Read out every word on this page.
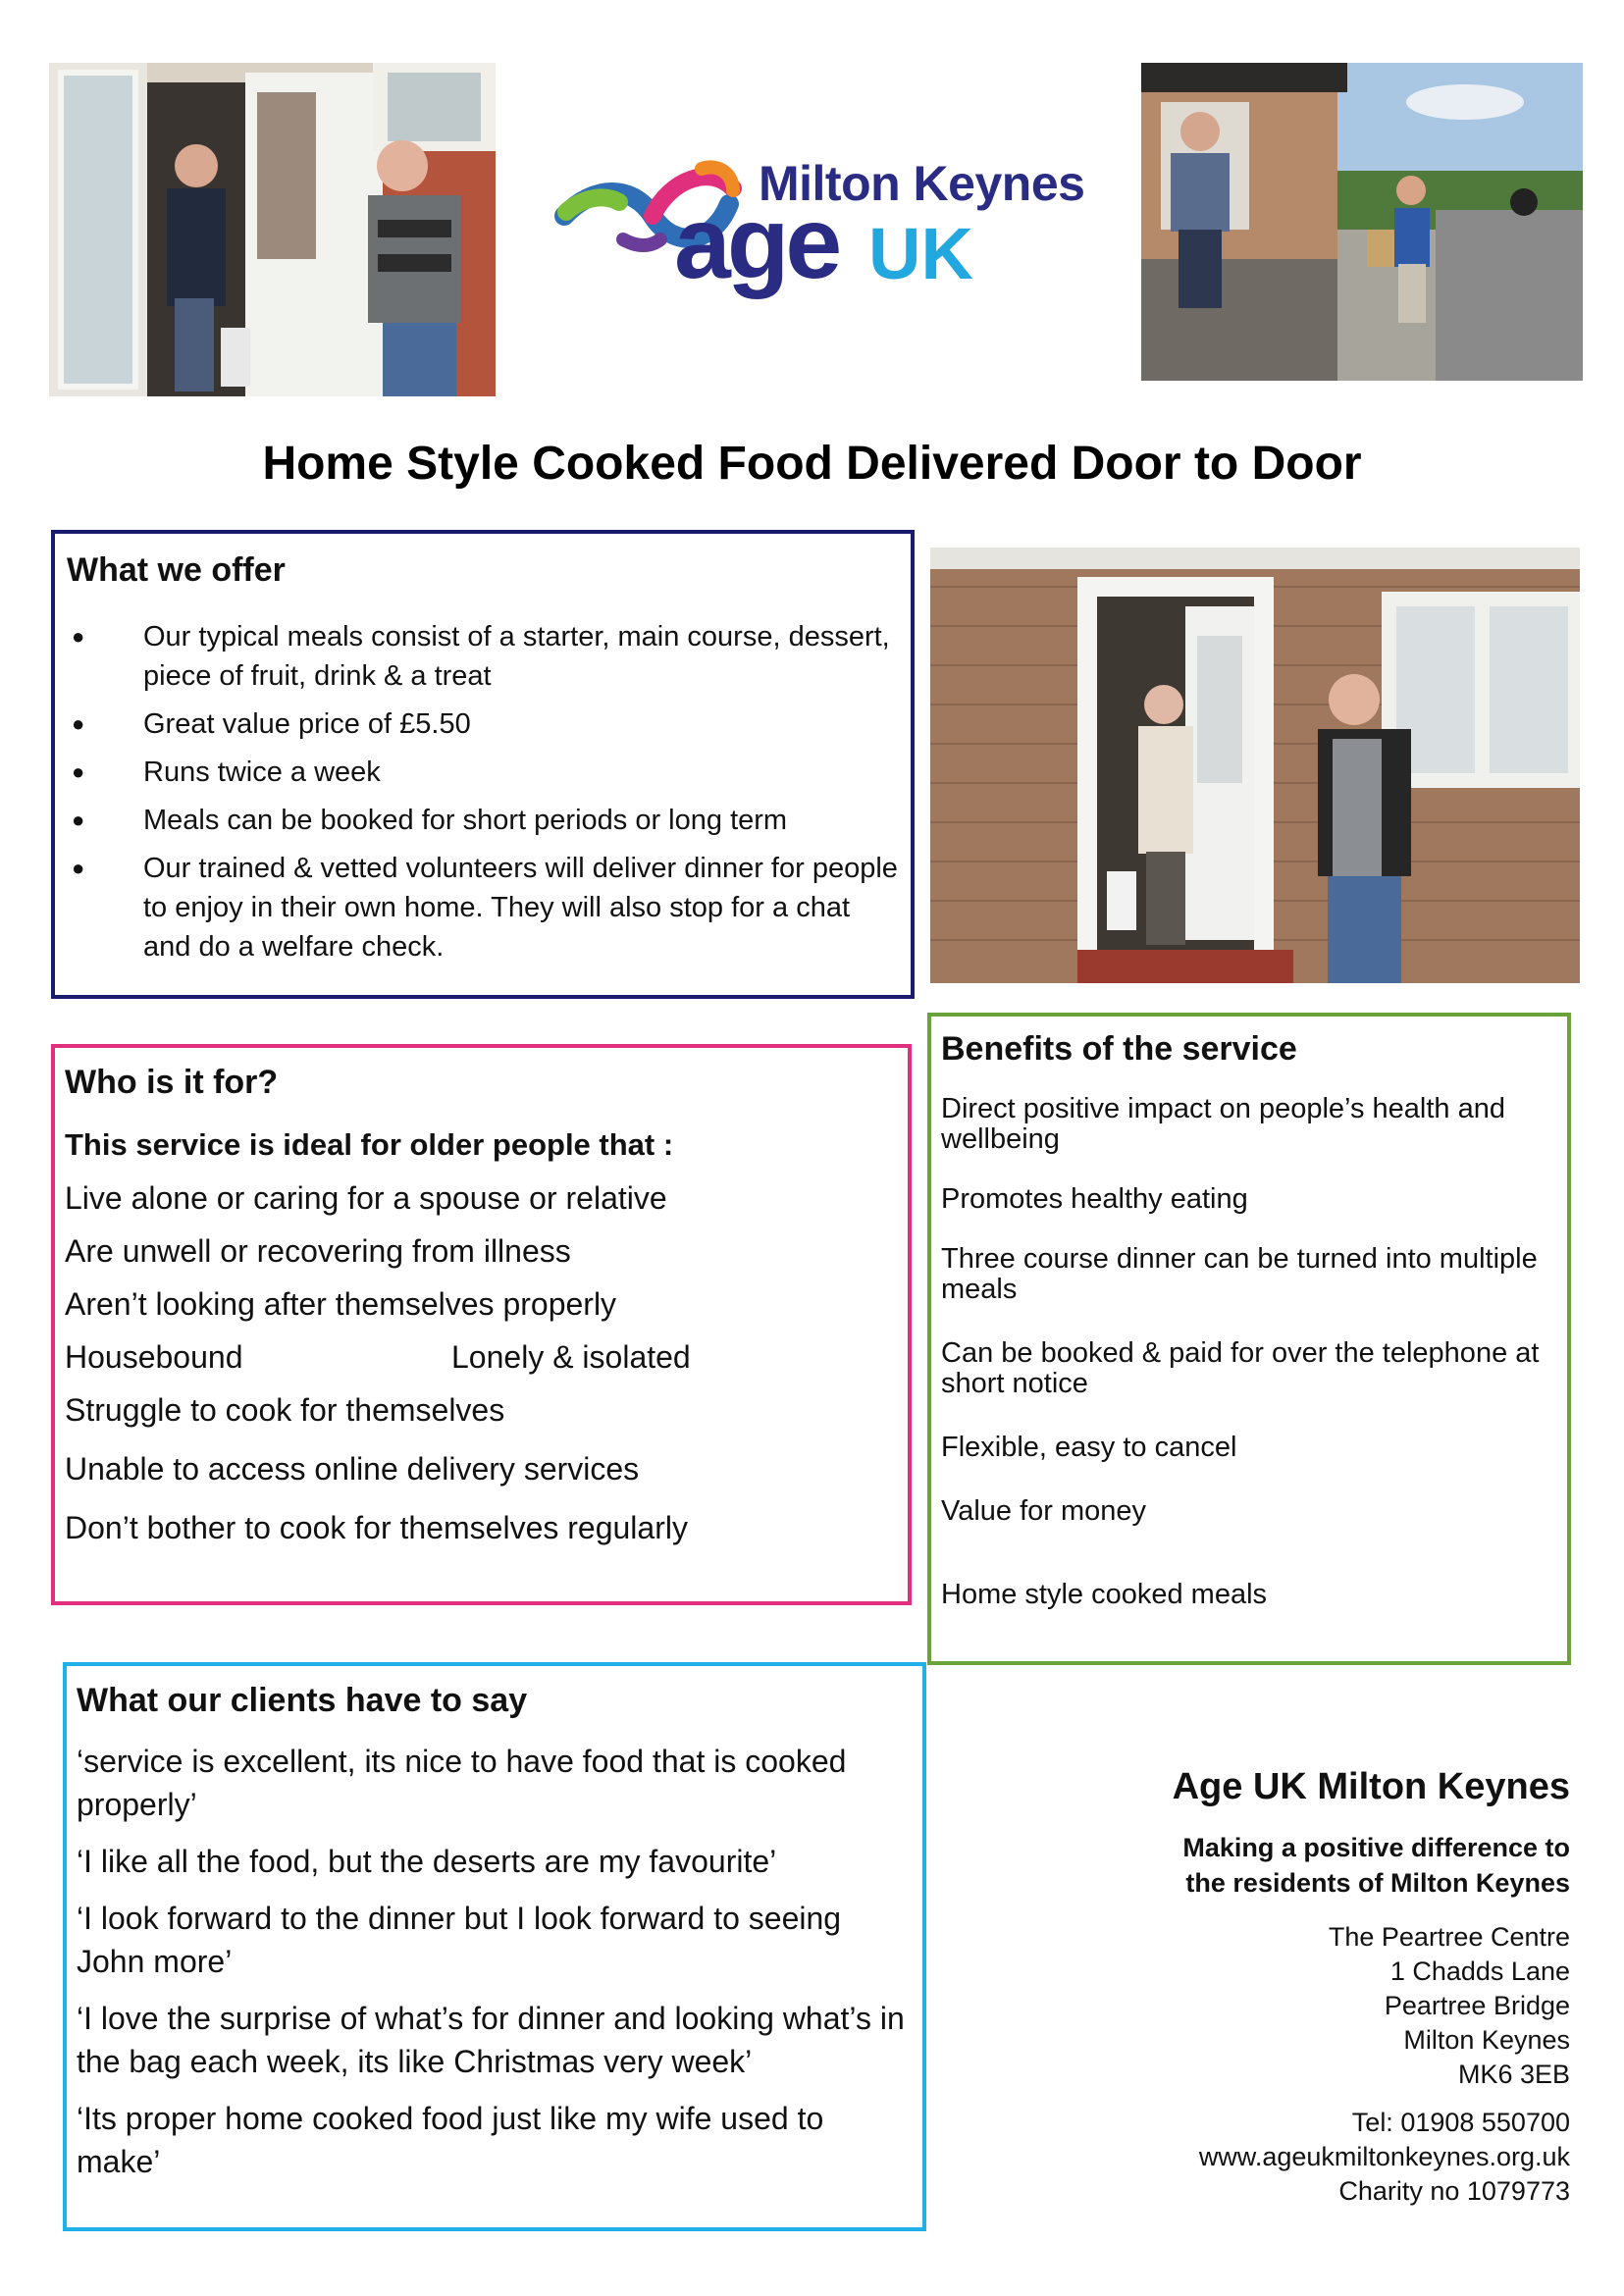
Milton Keynes
age UK
Home Style Cooked Food Delivered Door to Door
What we offer
● Our typical meals consist of a starter, main course, dessert, piece of fruit, drink & a treat
● Great value price of £5.50
● Runs twice a week
● Meals can be booked for short periods or long term
● Our trained & vetted volunteers will deliver dinner for people to enjoy in their own home. They will also stop for a chat and do a welfare check.
Who is it for?
This service is ideal for older people that :
Live alone or caring for a spouse or relative
Are unwell or recovering from illness
Aren’t looking after themselves properly
Housebound	Lonely & isolated
Struggle to cook for themselves
Unable to access online delivery services
Don’t bother to cook for themselves regularly
Benefits of the service
Direct positive impact on people’s health and wellbeing
Promotes healthy eating
Three course dinner can be turned into multiple meals
Can be booked & paid for over the telephone at short notice
Flexible, easy to cancel
Value for money
Home style cooked meals
What our clients have to say
‘service is excellent, its nice to have food that is cooked properly’
‘I like all the food, but the deserts are my favourite’
‘I look forward to the dinner but I look forward to seeing John more’
‘I love the surprise of what’s for dinner and looking what’s in the bag each week, its like Christmas very week’
‘Its proper home cooked food just like my wife used to make’
Age UK Milton Keynes
Making a positive difference to
the residents of Milton Keynes
The Peartree Centre
1 Chadds Lane
Peartree Bridge
Milton Keynes
MK6 3EB
Tel: 01908 550700
www.ageukmiltonkeynes.org.uk
Charity no 1079773
